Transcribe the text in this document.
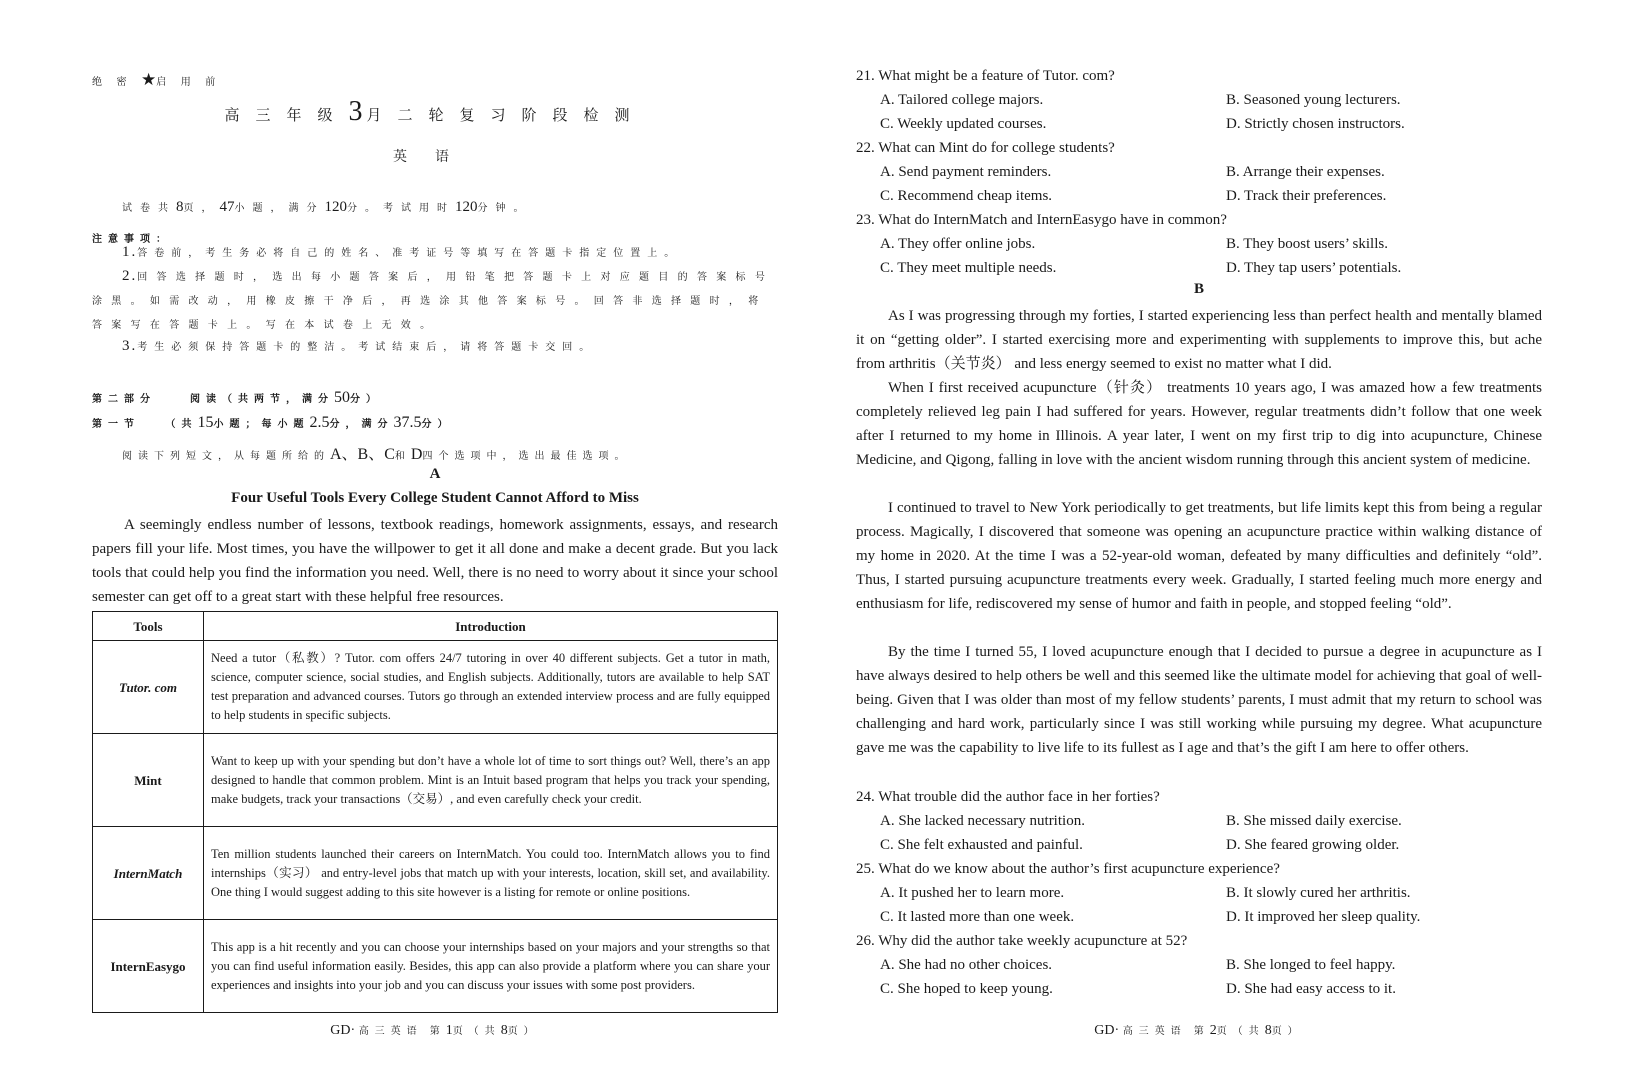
绝 密 ★启 用 前
高三年级3月二轮复习阶段检测
英语
试卷共8页，47小题，满分120分。考试用时120分钟。
注意事项：
1.答卷前，考生务必将自己的姓名、准考证号等填写在答题卡指定位置上。
2.回答选择题时，选出每小题答案后，用铅笔把答题卡上对应题目的答案标号涂黑。如需改动，用橡皮擦干净后，再选涂其他答案标号。回答非选择题时，将答案写在答题卡上。写在本试卷上无效。
3.考生必须保持答题卡的整洁。考试结束后，请将答题卡交回。
第二部分	阅读（共两节，满分50分）
第一节	（共15小题；每小题2.5分，满分37.5分）
阅读下列短文，从每题所给的A、B、C和D四个选项中，选出最佳选项。
A
Four Useful Tools Every College Student Cannot Afford to Miss

A seemingly endless number of lessons, textbook readings, homework assignments, essays, and research papers fill your life. Most times, you have the willpower to get it all done and make a decent grade. But you lack tools that could help you find the information you need. Well, there is no need to worry about it since your school semester can get off to a great start with these helpful free resources.

Tools	Introduction
Tutor. com	Need a tutor（私教）? Tutor. com offers 24/7 tutoring in over 40 different subjects. Get a tutor in math, science, computer science, social studies, and English subjects. Additionally, tutors are available to help SAT test preparation and advanced courses. Tutors go through an extended interview process and are fully equipped to help students in specific subjects.
Mint	Want to keep up with your spending but don’t have a whole lot of time to sort things out? Well, there’s an app designed to handle that common problem. Mint is an Intuit based program that helps you track your spending, make budgets, track your transactions（交易）, and even carefully check your credit.
InternMatch	Ten million students launched their careers on InternMatch. You could too. InternMatch allows you to find internships（实习） and entry-level jobs that match up with your interests, location, skill set, and availability. One thing I would suggest adding to this site however is a listing for remote or online positions.
InternEasygo	This app is a hit recently and you can choose your internships based on your majors and your strengths so that you can find useful information easily. Besides, this app can also provide a platform where you can share your experiences and insights into your job and you can discuss your issues with some post providers.
GD· 高三英语 第1页（共8页）
21. What might be a feature of Tutor. com?
A. Tailored college majors.	B. Seasoned young lecturers.
C. Weekly updated courses.	D. Strictly chosen instructors.
22. What can Mint do for college students?
A. Send payment reminders.	B. Arrange their expenses.
C. Recommend cheap items.	D. Track their preferences.
23. What do InternMatch and InternEasygo have in common?
A. They offer online jobs.	B. They boost users’ skills.
C. They meet multiple needs.	D. They tap users’ potentials.
B

As I was progressing through my forties, I started experiencing less than perfect health and mentally blamed it on “getting older”. I started exercising more and experimenting with supplements to improve this, but ache from arthritis（关节炎） and less energy seemed to exist no matter what I did.

When I first received acupuncture（针灸） treatments 10 years ago, I was amazed how a few treatments completely relieved leg pain I had suffered for years. However, regular treatments didn’t follow that one week after I returned to my home in Illinois. A year later, I went on my first trip to dig into acupuncture, Chinese Medicine, and Qigong, falling in love with the ancient wisdom running through this ancient system of medicine.

I continued to travel to New York periodically to get treatments, but life limits kept this from being a regular process. Magically, I discovered that someone was opening an acupuncture practice within walking distance of my home in 2020. At the time I was a 52-year-old woman, defeated by many difficulties and definitely “old”. Thus, I started pursuing acupuncture treatments every week. Gradually, I started feeling much more energy and enthusiasm for life, rediscovered my sense of humor and faith in people, and stopped feeling “old”.

By the time I turned 55, I loved acupuncture enough that I decided to pursue a degree in acupuncture as I have always desired to help others be well and this seemed like the ultimate model for achieving that goal of well-being. Given that I was older than most of my fellow students’ parents, I must admit that my return to school was challenging and hard work, particularly since I was still working while pursuing my degree. What acupuncture gave me was the capability to live life to its fullest as I age and that’s the gift I am here to offer others.

24. What trouble did the author face in her forties?
A. She lacked necessary nutrition.	B. She missed daily exercise.
C. She felt exhausted and painful.	D. She feared growing older.
25. What do we know about the author’s first acupuncture experience?
A. It pushed her to learn more.	B. It slowly cured her arthritis.
C. It lasted more than one week.	D. It improved her sleep quality.
26. Why did the author take weekly acupuncture at 52?
A. She had no other choices.	B. She longed to feel happy.
C. She hoped to keep young.	D. She had easy access to it.
GD· 高三英语 第2页（共8页）
